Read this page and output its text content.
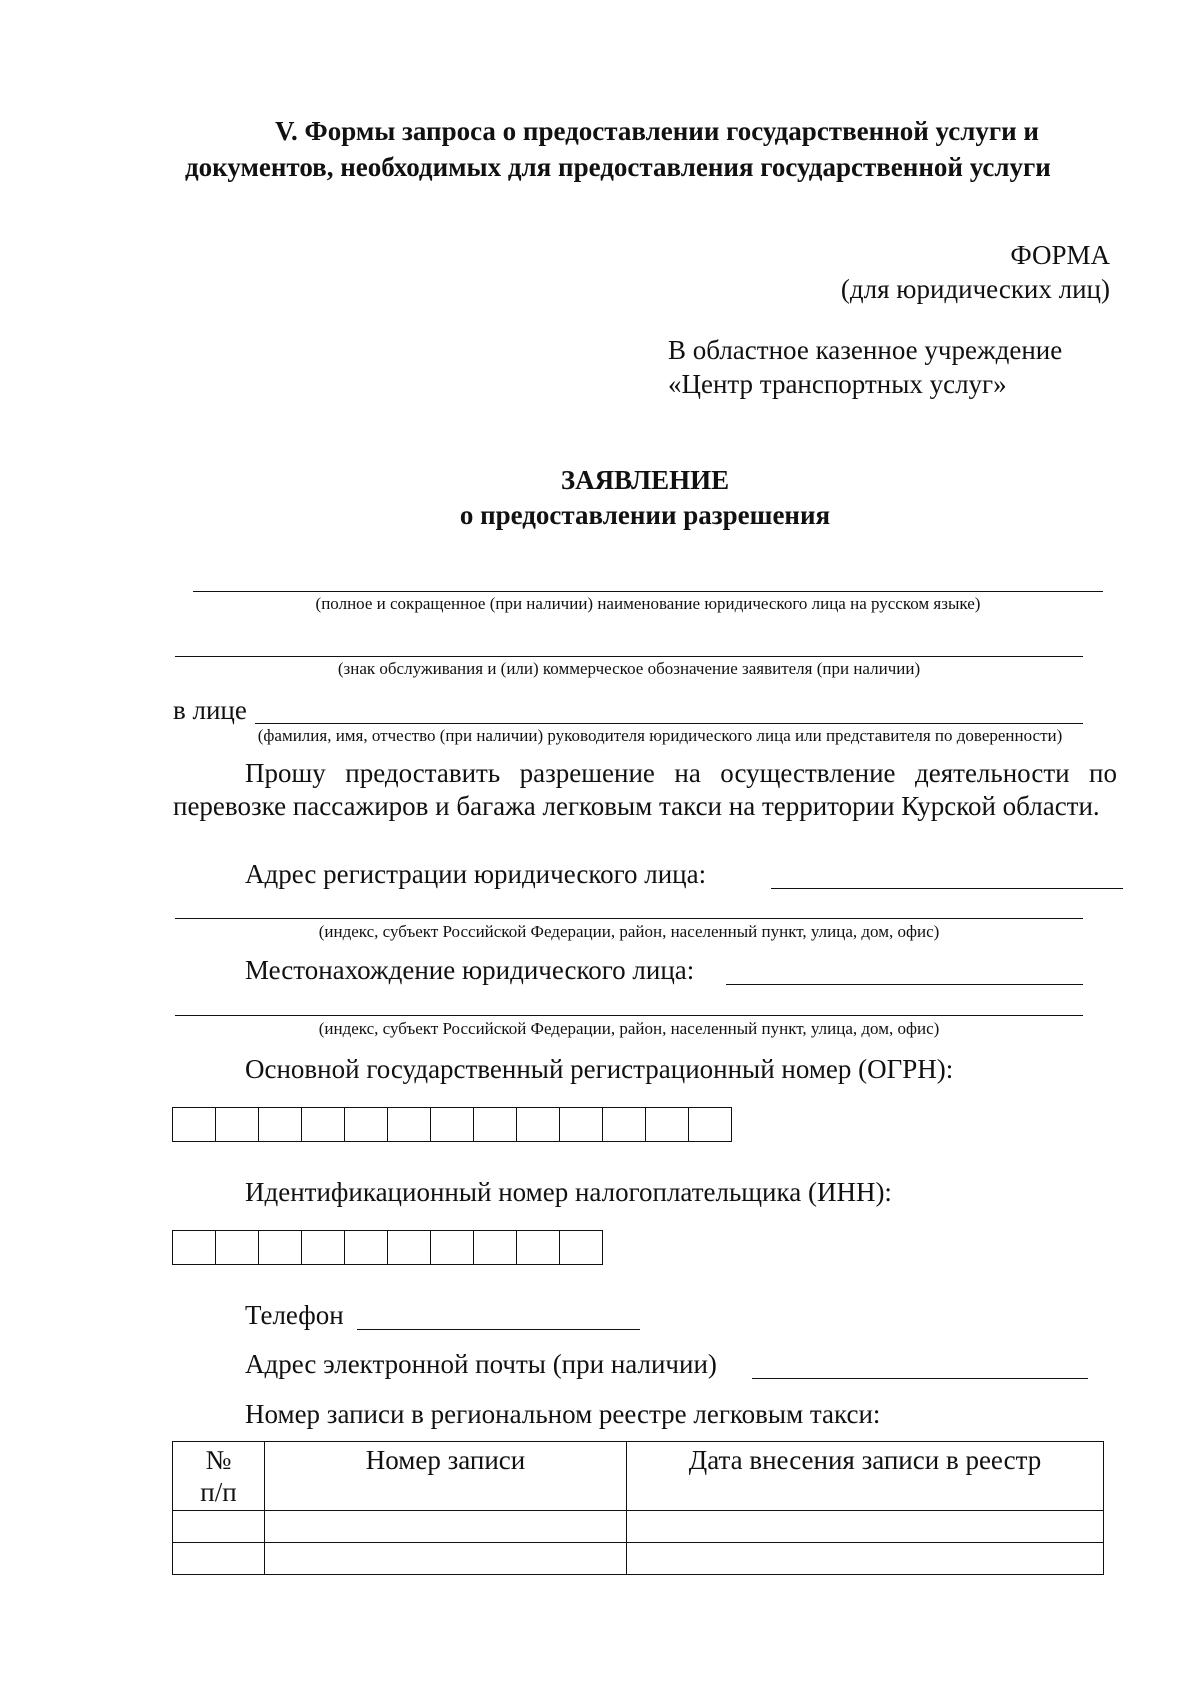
V. Формы запроса о предоставлении государственной услуги и
документов, необходимых для предоставления государственной услуги
ФОРМА
(для юридических лиц)
В областное казенное учреждение
«Центр транспортных услуг»
ЗАЯВЛЕНИЕ
о предоставлении разрешения
(полное и сокращенное (при наличии) наименование юридического лица на русском языке)
(знак обслуживания и (или) коммерческое обозначение заявителя (при наличии)
в лице
(фамилия, имя, отчество (при наличии) руководителя юридического лица или представителя по доверенности)
Прошу предоставить разрешение на осуществление деятельности по перевозке пассажиров и багажа легковым такси на территории Курской области.
Адрес регистрации юридического лица:
(индекс, субъект Российской Федерации, район, населенный пункт, улица, дом, офис)
Местонахождение юридического лица:
(индекс, субъект Российской Федерации, район, населенный пункт, улица, дом, офис)
Основной государственный регистрационный номер (ОГРН):
Идентификационный номер налогоплательщика (ИНН):
Телефон
Адрес электронной почты (при наличии)
Номер записи в региональном реестре легковым такси:
№
п/п	Номер записи	Дата внесения записи в реестр
